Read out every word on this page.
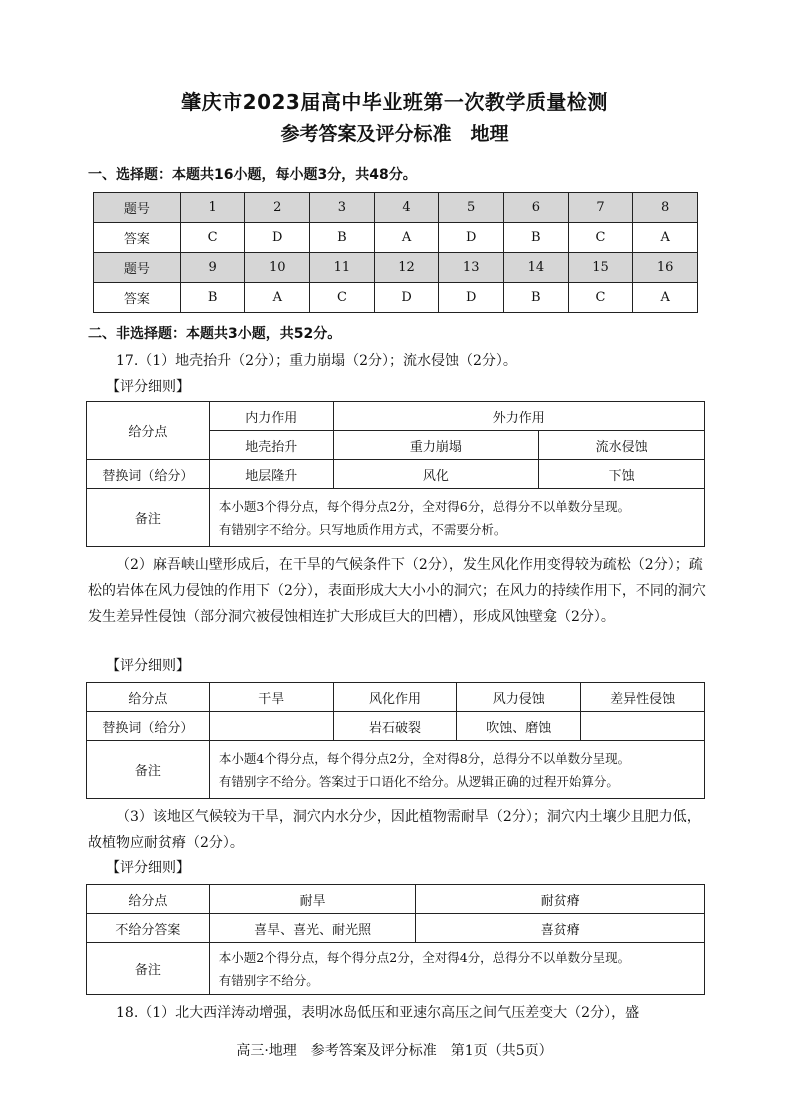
肇庆市2023届高中毕业班第一次教学质量检测
参考答案及评分标准　地理
一、选择题：本题共16小题，每小题3分，共48分。
题号	1	2	3	4	5	6	7	8
答案	C	D	B	A	D	B	C	A
题号	9	10	11	12	13	14	15	16
答案	B	A	C	D	D	B	C	A
二、非选择题：本题共3小题，共52分。
17.（1）地壳抬升（2分）；重力崩塌（2分）；流水侵蚀（2分）。
【评分细则】
给分点	内力作用	外力作用	
	地壳抬升	重力崩塌	流水侵蚀
替换词（给分）	地层隆升	风化	下蚀
备注	本小题3个得分点，每个得分点2分，全对得6分，总得分不以单数分呈现。
有错别字不给分。只写地质作用方式，不需要分析。		
（2）麻吾峡山壁形成后，在干旱的气候条件下（2分），发生风化作用变得较为疏松（2分）；疏松的岩体在风力侵蚀的作用下（2分），表面形成大大小小的洞穴；在风力的持续作用下，不同的洞穴发生差异性侵蚀（部分洞穴被侵蚀相连扩大形成巨大的凹槽），形成风蚀壁龛（2分）。
【评分细则】
给分点	干旱	风化作用	风力侵蚀	差异性侵蚀
替换词（给分）		岩石破裂	吹蚀、磨蚀	
备注	本小题4个得分点，每个得分点2分，全对得8分，总得分不以单数分呈现。
有错别字不给分。答案过于口语化不给分。从逻辑正确的过程开始算分。			
（3）该地区气候较为干旱，洞穴内水分少，因此植物需耐旱（2分）；洞穴内土壤少且肥力低，故植物应耐贫瘠（2分）。
【评分细则】
给分点	耐旱	耐贫瘠
不给分答案	喜旱、喜光、耐光照	喜贫瘠
备注	本小题2个得分点，每个得分点2分，全对得4分，总得分不以单数分呈现。
有错别字不给分。	
18.（1）北大西洋涛动增强，表明冰岛低压和亚速尔高压之间气压差变大（2分），盛
高三·地理　参考答案及评分标准　第1页（共5页）
